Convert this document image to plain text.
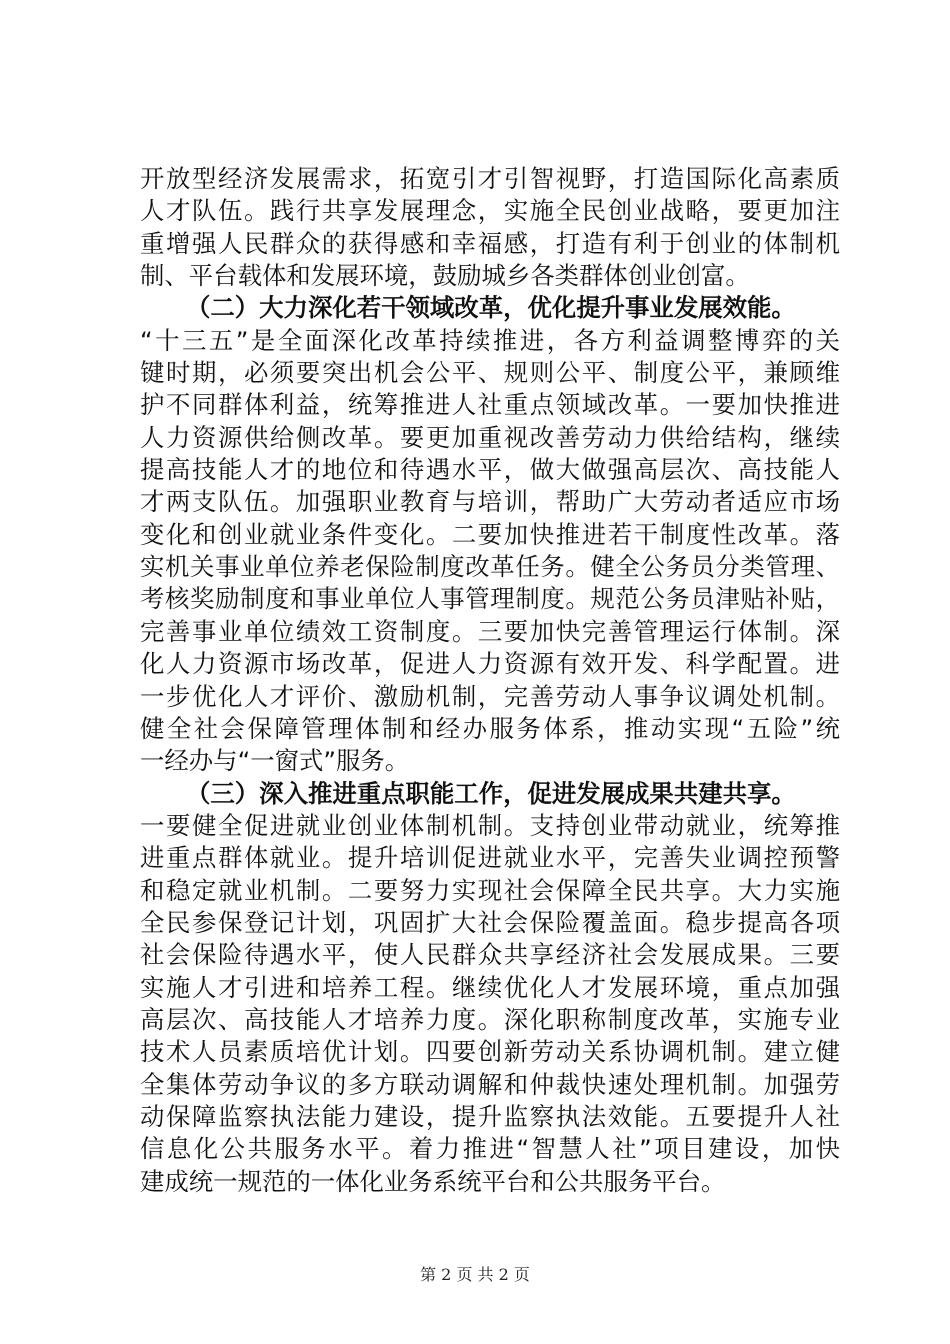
开放型经济发展需求，拓宽引才引智视野，打造国际化高素质
人才队伍。践行共享发展理念，实施全民创业战略，要更加注
重增强人民群众的获得感和幸福感，打造有利于创业的体制机
制、平台载体和发展环境，鼓励城乡各类群体创业创富。
（二）大力深化若干领域改革，优化提升事业发展效能。
“十三五”是全面深化改革持续推进，各方利益调整博弈的关
键时期，必须要突出机会公平、规则公平、制度公平，兼顾维
护不同群体利益，统筹推进人社重点领域改革。一要加快推进
人力资源供给侧改革。要更加重视改善劳动力供给结构，继续
提高技能人才的地位和待遇水平，做大做强高层次、高技能人
才两支队伍。加强职业教育与培训，帮助广大劳动者适应市场
变化和创业就业条件变化。二要加快推进若干制度性改革。落
实机关事业单位养老保险制度改革任务。健全公务员分类管理、
考核奖励制度和事业单位人事管理制度。规范公务员津贴补贴，
完善事业单位绩效工资制度。三要加快完善管理运行体制。深
化人力资源市场改革，促进人力资源有效开发、科学配置。进
一步优化人才评价、激励机制，完善劳动人事争议调处机制。
健全社会保障管理体制和经办服务体系，推动实现“五险”统
一经办与“一窗式”服务。
（三）深入推进重点职能工作，促进发展成果共建共享。
一要健全促进就业创业体制机制。支持创业带动就业，统筹推
进重点群体就业。提升培训促进就业水平，完善失业调控预警
和稳定就业机制。二要努力实现社会保障全民共享。大力实施
全民参保登记计划，巩固扩大社会保险覆盖面。稳步提高各项
社会保险待遇水平，使人民群众共享经济社会发展成果。三要
实施人才引进和培养工程。继续优化人才发展环境，重点加强
高层次、高技能人才培养力度。深化职称制度改革，实施专业
技术人员素质培优计划。四要创新劳动关系协调机制。建立健
全集体劳动争议的多方联动调解和仲裁快速处理机制。加强劳
动保障监察执法能力建设，提升监察执法效能。五要提升人社
信息化公共服务水平。着力推进“智慧人社”项目建设，加快
建成统一规范的一体化业务系统平台和公共服务平台。
第 2 页 共 2 页
